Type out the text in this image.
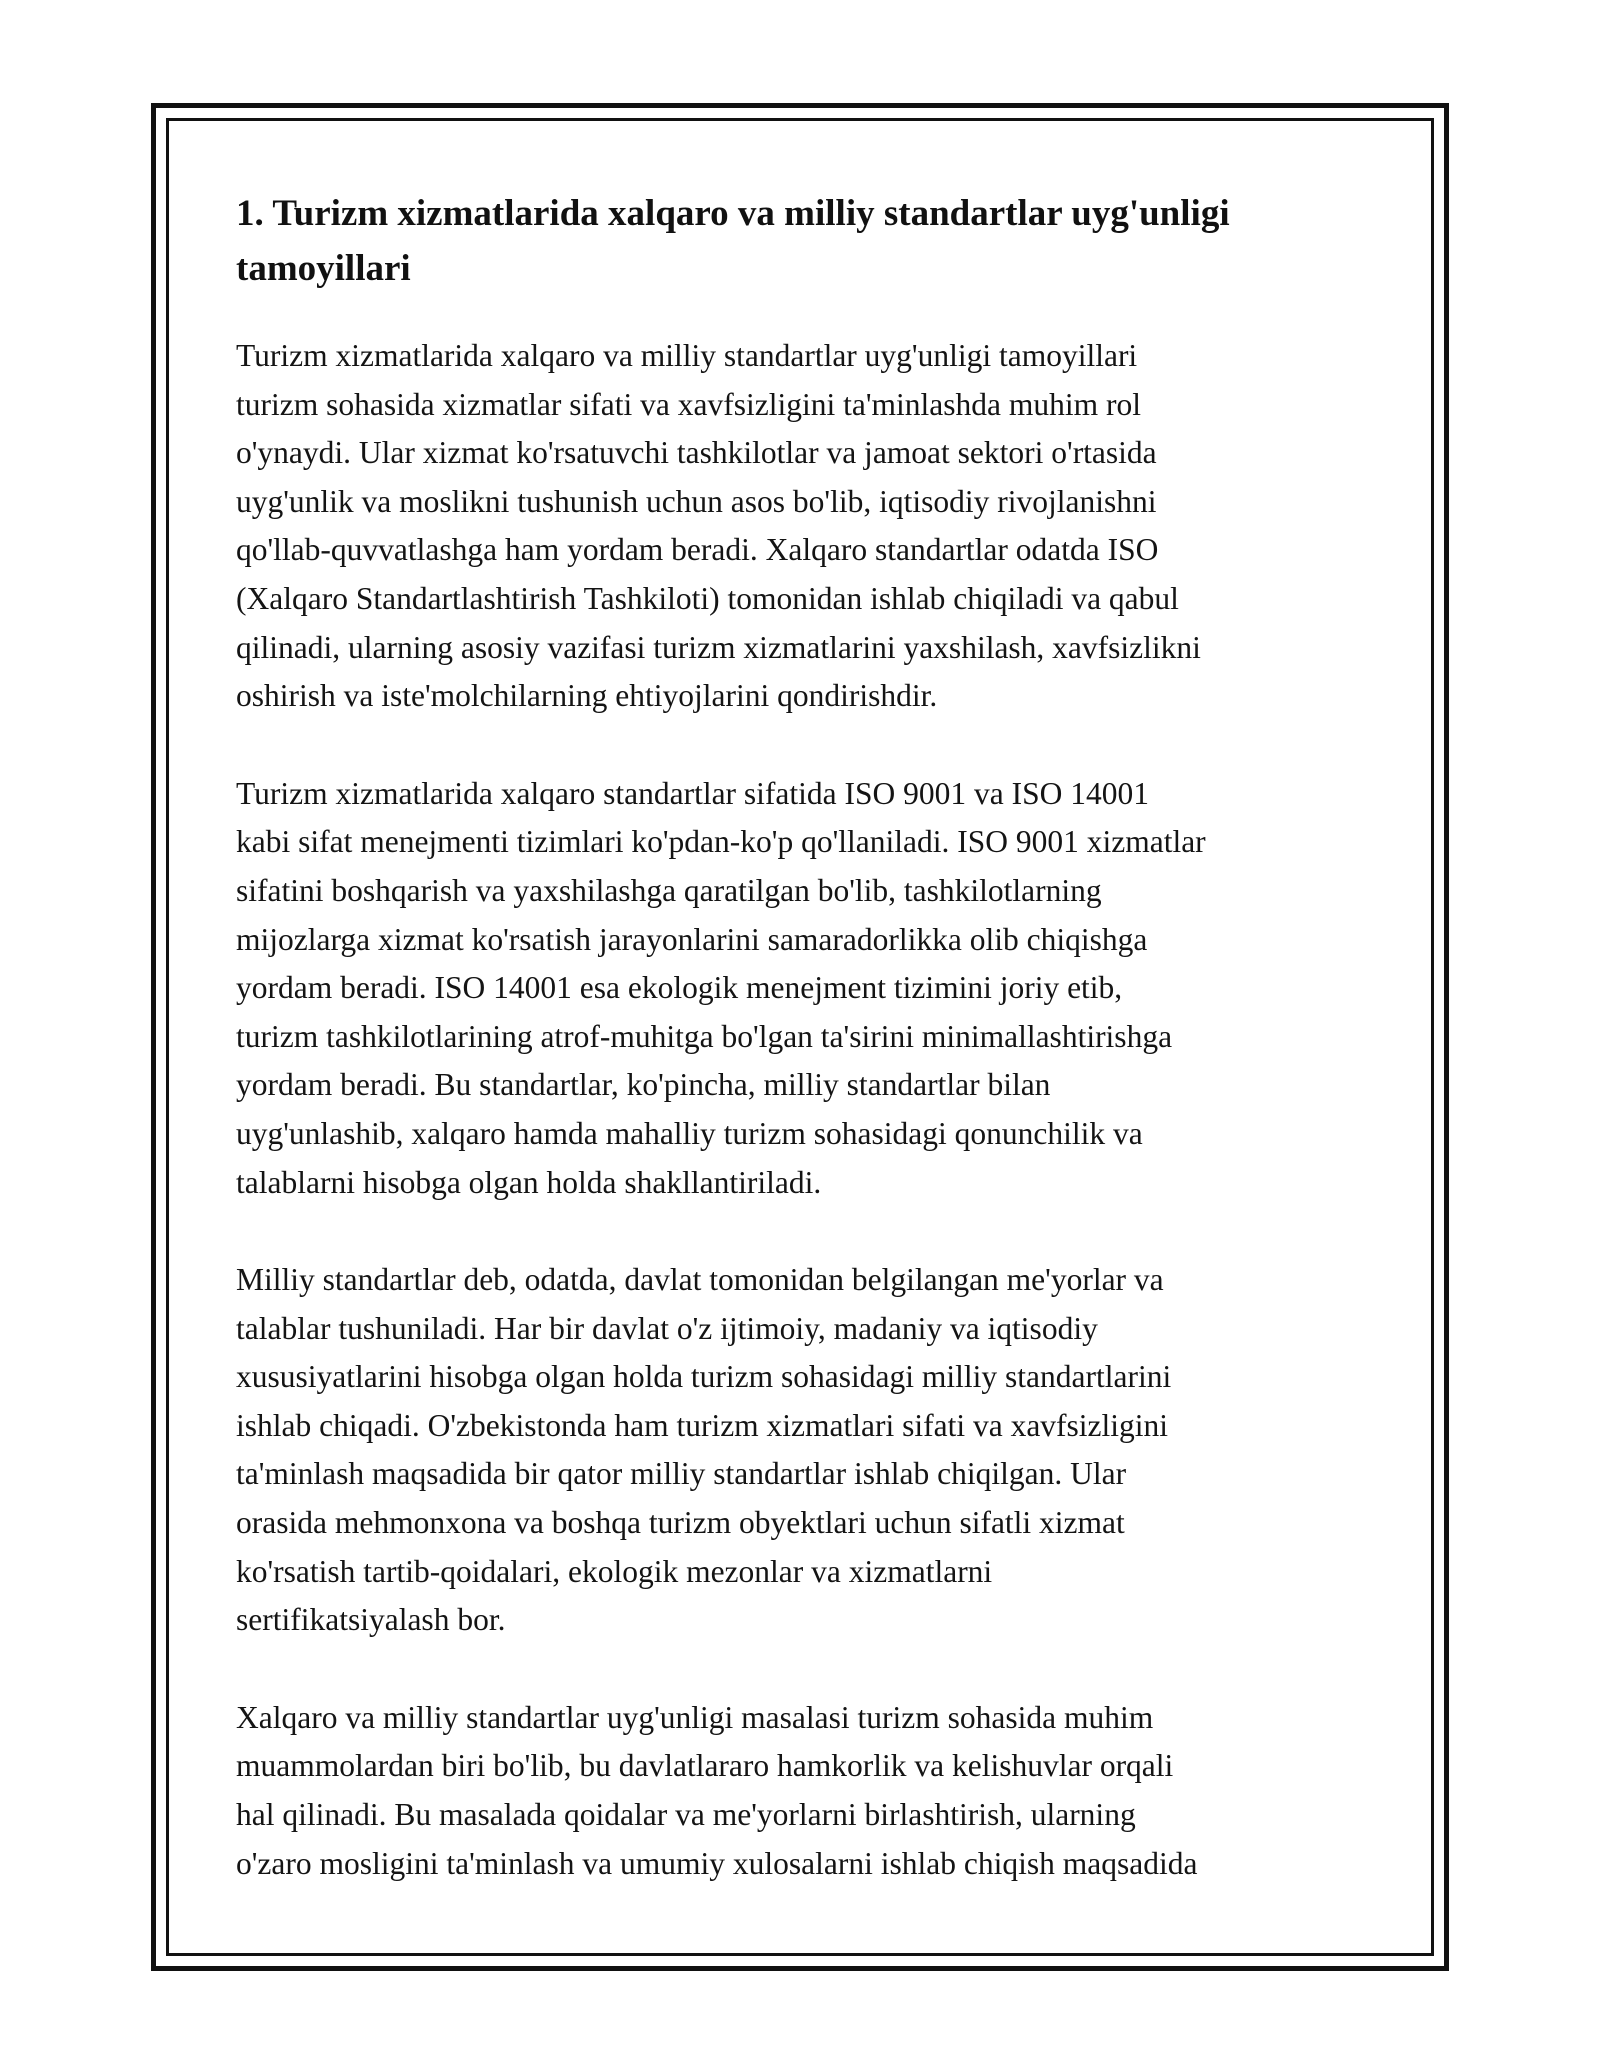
1. Turizm xizmatlarida xalqaro va milliy standartlar uyg'unligi
tamoyillari

Turizm xizmatlarida xalqaro va milliy standartlar uyg'unligi tamoyillari
turizm sohasida xizmatlar sifati va xavfsizligini ta'minlashda muhim rol
o'ynaydi. Ular xizmat ko'rsatuvchi tashkilotlar va jamoat sektori o'rtasida
uyg'unlik va moslikni tushunish uchun asos bo'lib, iqtisodiy rivojlanishni
qo'llab-quvvatlashga ham yordam beradi. Xalqaro standartlar odatda ISO
(Xalqaro Standartlashtirish Tashkiloti) tomonidan ishlab chiqiladi va qabul
qilinadi, ularning asosiy vazifasi turizm xizmatlarini yaxshilash, xavfsizlikni
oshirish va iste'molchilarning ehtiyojlarini qondirishdir.

Turizm xizmatlarida xalqaro standartlar sifatida ISO 9001 va ISO 14001
kabi sifat menejmenti tizimlari ko'pdan-ko'p qo'llaniladi. ISO 9001 xizmatlar
sifatini boshqarish va yaxshilashga qaratilgan bo'lib, tashkilotlarning
mijozlarga xizmat ko'rsatish jarayonlarini samaradorlikka olib chiqishga
yordam beradi. ISO 14001 esa ekologik menejment tizimini joriy etib,
turizm tashkilotlarining atrof-muhitga bo'lgan ta'sirini minimallashtirishga
yordam beradi. Bu standartlar, ko'pincha, milliy standartlar bilan
uyg'unlashib, xalqaro hamda mahalliy turizm sohasidagi qonunchilik va
talablarni hisobga olgan holda shakllantiriladi.

Milliy standartlar deb, odatda, davlat tomonidan belgilangan me'yorlar va
talablar tushuniladi. Har bir davlat o'z ijtimoiy, madaniy va iqtisodiy
xususiyatlarini hisobga olgan holda turizm sohasidagi milliy standartlarini
ishlab chiqadi. O'zbekistonda ham turizm xizmatlari sifati va xavfsizligini
ta'minlash maqsadida bir qator milliy standartlar ishlab chiqilgan. Ular
orasida mehmonxona va boshqa turizm obyektlari uchun sifatli xizmat
ko'rsatish tartib-qoidalari, ekologik mezonlar va xizmatlarni
sertifikatsiyalash bor.

Xalqaro va milliy standartlar uyg'unligi masalasi turizm sohasida muhim
muammolardan biri bo'lib, bu davlatlararo hamkorlik va kelishuvlar orqali
hal qilinadi. Bu masalada qoidalar va me'yorlarni birlashtirish, ularning
o'zaro mosligini ta'minlash va umumiy xulosalarni ishlab chiqish maqsadida
